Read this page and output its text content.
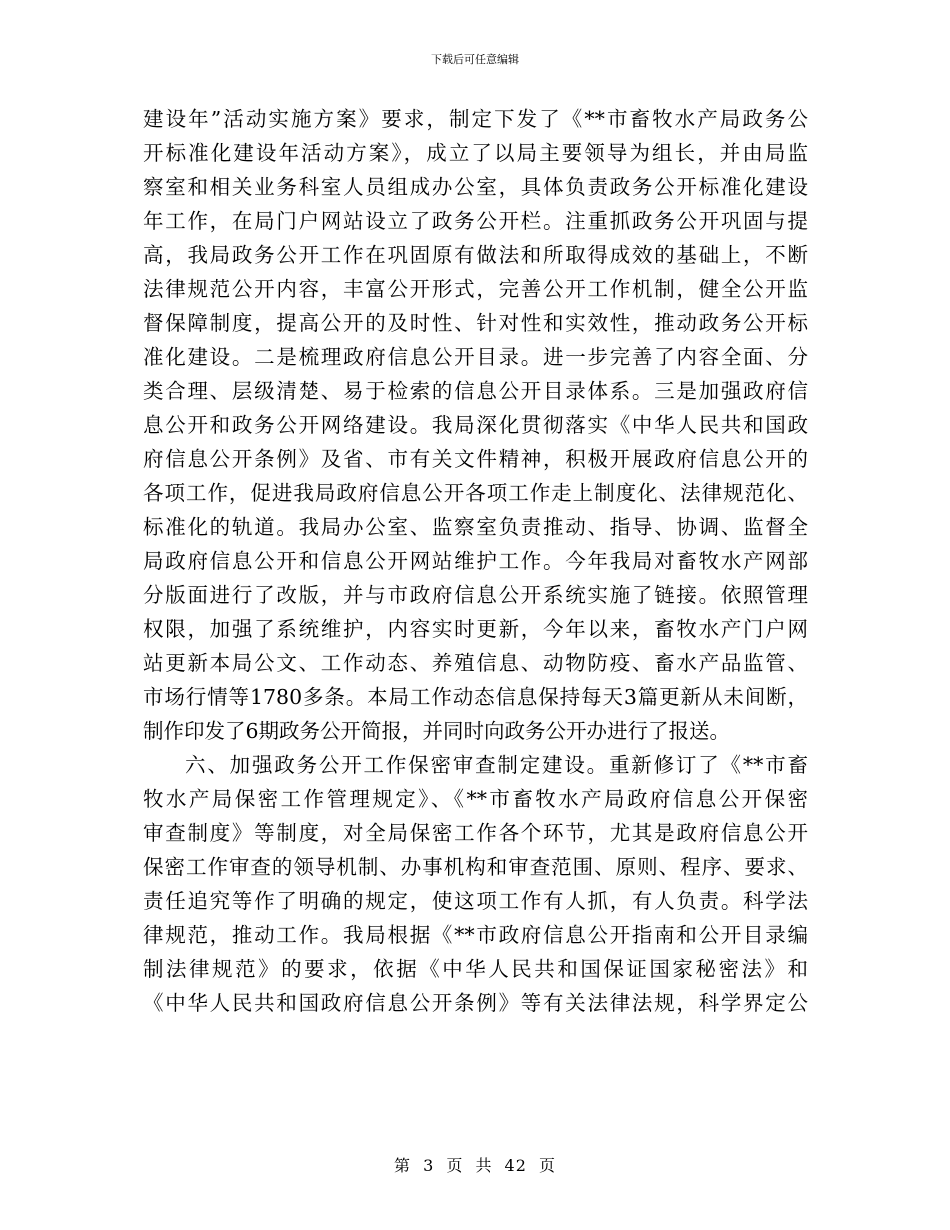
下载后可任意编辑
建设年”活动实施方案》要求，制定下发了《**市畜牧水产局政务公
开标准化建设年活动方案》，成立了以局主要领导为组长，并由局监
察室和相关业务科室人员组成办公室，具体负责政务公开标准化建设
年工作，在局门户网站设立了政务公开栏。注重抓政务公开巩固与提
高，我局政务公开工作在巩固原有做法和所取得成效的基础上，不断
法律规范公开内容，丰富公开形式，完善公开工作机制，健全公开监
督保障制度，提高公开的及时性、针对性和实效性，推动政务公开标
准化建设。二是梳理政府信息公开目录。进一步完善了内容全面、分
类合理、层级清楚、易于检索的信息公开目录体系。三是加强政府信
息公开和政务公开网络建设。我局深化贯彻落实《中华人民共和国政
府信息公开条例》及省、市有关文件精神，积极开展政府信息公开的
各项工作，促进我局政府信息公开各项工作走上制度化、法律规范化、
标准化的轨道。我局办公室、监察室负责推动、指导、协调、监督全
局政府信息公开和信息公开网站维护工作。今年我局对畜牧水产网部
分版面进行了改版，并与市政府信息公开系统实施了链接。依照管理
权限，加强了系统维护，内容实时更新，今年以来，畜牧水产门户网
站更新本局公文、工作动态、养殖信息、动物防疫、畜水产品监管、
市场行情等1780多条。本局工作动态信息保持每天3篇更新从未间断，
制作印发了6期政务公开简报，并同时向政务公开办进行了报送。
六、加强政务公开工作保密审查制定建设。重新修订了《**市畜
牧水产局保密工作管理规定》、《**市畜牧水产局政府信息公开保密
审查制度》等制度，对全局保密工作各个环节，尤其是政府信息公开
保密工作审查的领导机制、办事机构和审查范围、原则、程序、要求、
责任追究等作了明确的规定，使这项工作有人抓，有人负责。科学法
律规范，推动工作。我局根据《**市政府信息公开指南和公开目录编
制法律规范》的要求，依据《中华人民共和国保证国家秘密法》和
《中华人民共和国政府信息公开条例》等有关法律法规，科学界定公
第 3 页 共 42 页
